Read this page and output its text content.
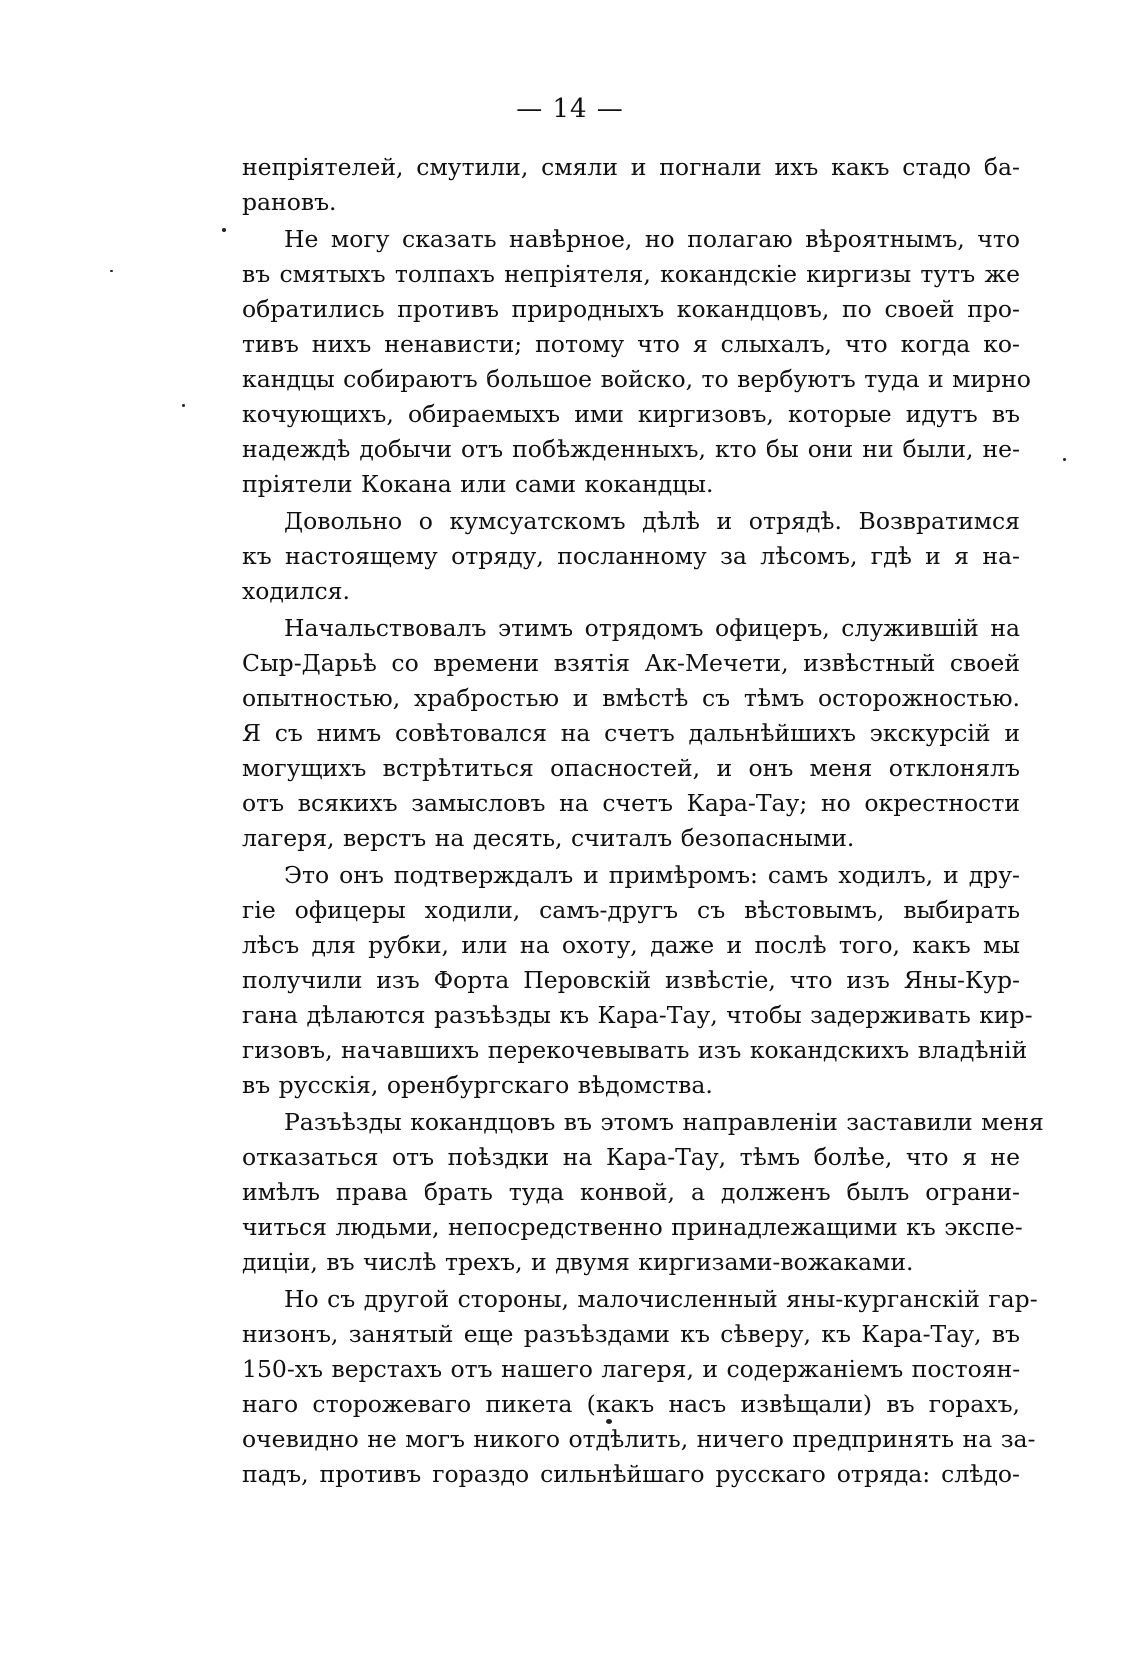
— 14 —
непріятелей, смутили, смяли и погнали ихъ какъ стадо ба-
рановъ.
Не могу сказать навѣрное, но полагаю вѣроятнымъ, что
въ смятыхъ толпахъ непріятеля, кокандскіе киргизы тутъ же
обратились противъ природныхъ кокандцовъ, по своей про-
тивъ нихъ ненависти; потому что я слыхалъ, что когда ко-
кандцы собираютъ большое войско, то вербуютъ туда и мирно
кочующихъ, обираемыхъ ими киргизовъ, которые идутъ въ
надеждѣ добычи отъ побѣжденныхъ, кто бы они ни были, не-
пріятели Кокана или сами кокандцы.
Довольно о кумсуатскомъ дѣлѣ и отрядѣ. Возвратимся
къ настоящему отряду, посланному за лѣсомъ, гдѣ и я на-
ходился.
Начальствовалъ этимъ отрядомъ офицеръ, служившій на
Сыр-Дарьѣ со времени взятія Ак-Мечети, извѣстный своей
опытностью, храбростью и вмѣстѣ съ тѣмъ осторожностью.
Я съ нимъ совѣтовался на счетъ дальнѣйшихъ экскурсій и
могущихъ встрѣтиться опасностей, и онъ меня отклонялъ
отъ всякихъ замысловъ на счетъ Кара-Тау; но окрестности
лагеря, верстъ на десять, считалъ безопасными.
Это онъ подтверждалъ и примѣромъ: самъ ходилъ, и дру-
гіе офицеры ходили, самъ-другъ съ вѣстовымъ, выбирать
лѣсъ для рубки, или на охоту, даже и послѣ того, какъ мы
получили изъ Форта Перовскій извѣстіе, что изъ Яны-Кур-
гана дѣлаются разъѣзды къ Кара-Тау, чтобы задерживать кир-
гизовъ, начавшихъ перекочевывать изъ кокандскихъ владѣній
въ русскія, оренбургскаго вѣдомства.
Разъѣзды кокандцовъ въ этомъ направленіи заставили меня
отказаться отъ поѣздки на Кара-Тау, тѣмъ болѣе, что я не
имѣлъ права брать туда конвой, а долженъ былъ ограни-
читься людьми, непосредственно принадлежащими къ экспе-
диціи, въ числѣ трехъ, и двумя киргизами-вожаками.
Но съ другой стороны, малочисленный яны-курганскій гар-
низонъ, занятый еще разъѣздами къ сѣверу, къ Кара-Тау, въ
150-хъ верстахъ отъ нашего лагеря, и содержаніемъ постоян-
наго сторожеваго пикета (какъ насъ извѣщали) въ горахъ,
очевидно не могъ никого отдѣлить, ничего предпринять на за-
падъ, противъ гораздо сильнѣйшаго русскаго отряда: слѣдо-
